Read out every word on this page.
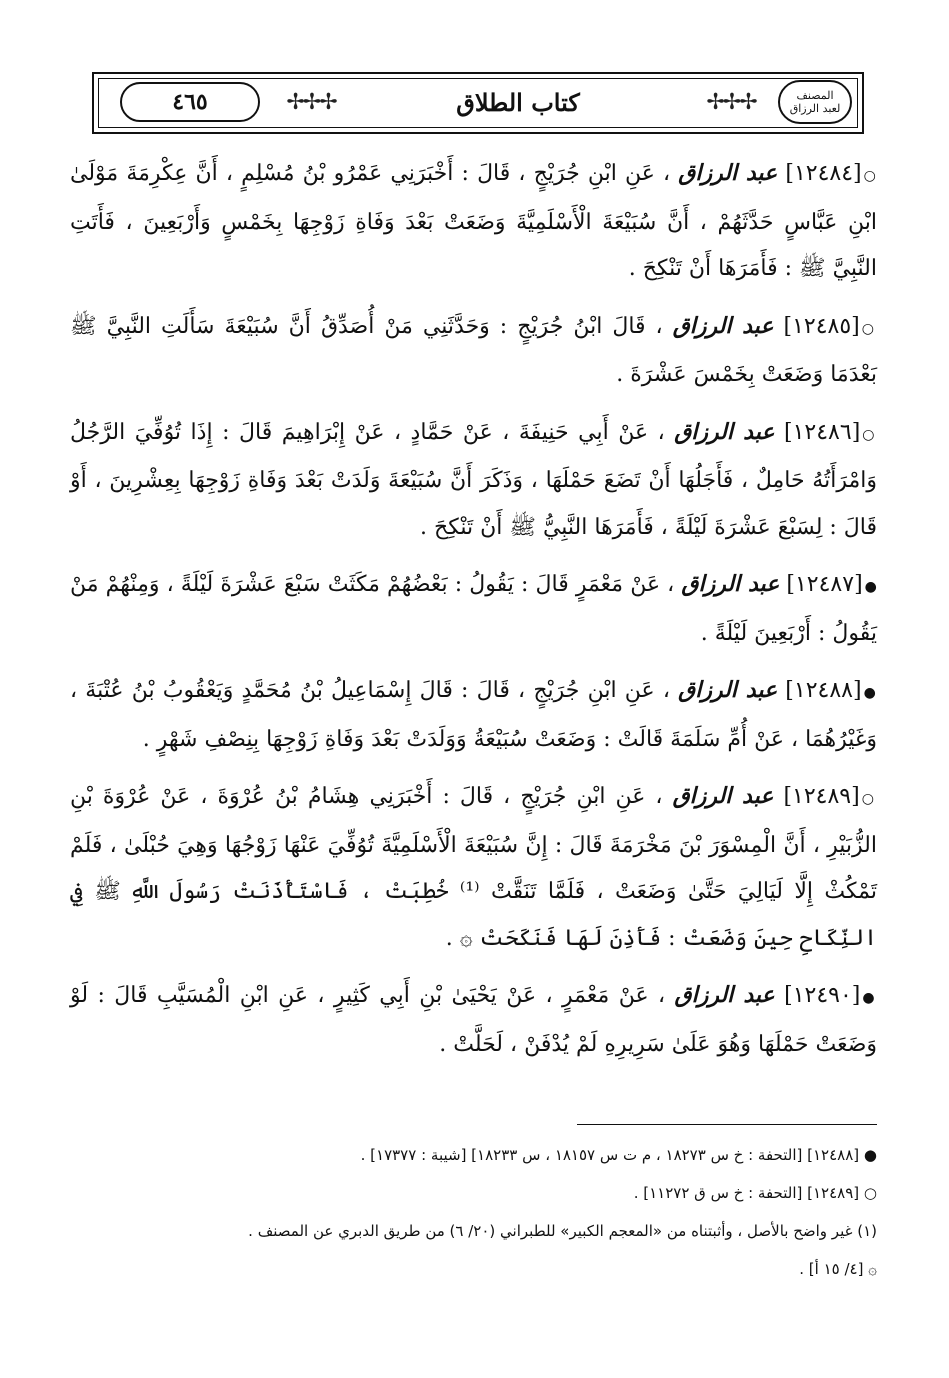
المصنف
لعبد الرزاق
✢✢✢
كتاب الطلاق
✢✢✢
٤٦٥

○[١٢٤٨٤] عبد الرزاق ، عَنِ ابْنِ جُرَيْجٍ ، قَالَ : أَخْبَرَنِي عَمْرُو بْنُ مُسْلِمٍ ، أَنَّ عِكْرِمَةَ مَوْلَىٰ ابْنِ عَبَّاسٍ حَدَّثَهُمْ ، أَنَّ سُبَيْعَةَ الْأَسْلَمِيَّةَ وَضَعَتْ بَعْدَ وَفَاةِ زَوْجِهَا بِخَمْسٍ وَأَرْبَعِينَ ، فَأَتَتِ النَّبِيَّ ﷺ : فَأَمَرَهَا أَنْ تَنْكِحَ .

○[١٢٤٨٥] عبد الرزاق ، قَالَ ابْنُ جُرَيْجٍ : وَحَدَّثَنِي مَنْ أُصَدِّقُ أَنَّ سُبَيْعَةَ سَأَلَتِ النَّبِيَّ ﷺ بَعْدَمَا وَضَعَتْ بِخَمْسَ عَشْرَةَ .

○[١٢٤٨٦] عبد الرزاق ، عَنْ أَبِي حَنِيفَةَ ، عَنْ حَمَّادٍ ، عَنْ إِبْرَاهِيمَ قَالَ : إِذَا تُوُفِّيَ الرَّجُلُ وَامْرَأَتُهُ حَامِلٌ ، فَأَجَلُهَا أَنْ تَضَعَ حَمْلَهَا ، وَذَكَرَ أَنَّ سُبَيْعَةَ وَلَدَتْ بَعْدَ وَفَاةِ زَوْجِهَا بِعِشْرِينَ ، أَوْ قَالَ : لِسَبْعَ عَشْرَةَ لَيْلَةً ، فَأَمَرَهَا النَّبِيُّ ﷺ أَنْ تَنْكِحَ .

●[١٢٤٨٧] عبد الرزاق ، عَنْ مَعْمَرٍ قَالَ : يَقُولُ : بَعْضُهُمْ مَكَثَتْ سَبْعَ عَشْرَةَ لَيْلَةً ، وَمِنْهُمْ مَنْ يَقُولُ : أَرْبَعِينَ لَيْلَةً .

●[١٢٤٨٨] عبد الرزاق ، عَنِ ابْنِ جُرَيْجٍ ، قَالَ : قَالَ إِسْمَاعِيلُ بْنُ مُحَمَّدٍ وَيَعْقُوبُ بْنُ عُتْبَةَ ، وَغَيْرُهُمَا ، عَنْ أُمِّ سَلَمَةَ قَالَتْ : وَضَعَتْ سُبَيْعَةُ وَوَلَدَتْ بَعْدَ وَفَاةِ زَوْجِهَا بِنِصْفِ شَهْرٍ .

○[١٢٤٨٩] عبد الرزاق ، عَنِ ابْنِ جُرَيْجٍ ، قَالَ : أَخْبَرَنِي هِشَامُ بْنُ عُرْوَةَ ، عَنْ عُرْوَةَ بْنِ الزُّبَيْرِ ، أَنَّ الْمِسْوَرَ بْنَ مَخْرَمَةَ قَالَ : إِنَّ سُبَيْعَةَ الْأَسْلَمِيَّةَ تُوُفِّيَ عَنْهَا زَوْجُهَا وَهِيَ حُبْلَىٰ ، فَلَمْ تَمْكُثْ إِلَّا لَيَالِيَ حَتَّىٰ وَضَعَتْ ، فَلَمَّا تَنَقَّتْ ⁽¹⁾ خُطِبَتْ ، فَاسْتَأْذَنَتْ رَسُولَ اللَّهِ ﷺ فِي النِّكَاحِ حِينَ وَضَعَتْ : فَأَذِنَ لَهَا فَنَكَحَتْ ۞ .

●[١٢٤٩٠] عبد الرزاق ، عَنْ مَعْمَرٍ ، عَنْ يَحْيَىٰ بْنِ أَبِي كَثِيرٍ ، عَنِ ابْنِ الْمُسَيَّبِ قَالَ : لَوْ وَضَعَتْ حَمْلَهَا وَهُوَ عَلَىٰ سَرِيرِهِ لَمْ يُدْفَنْ ، لَحَلَّتْ .

● [١٢٤٨٨] [التحفة : خ س ١٨٢٧٣ ، م ت س ١٨١٥٧ ، س ١٨٢٣٣] [شيبة : ١٧٣٧٧] .

○ [١٢٤٨٩] [التحفة : خ س ق ١١٢٧٢] .

(١) غير واضح بالأصل ، وأثبتناه من «المعجم الكبير» للطبراني (٢٠/ ٦) من طريق الدبري عن المصنف .

۞ [٤/ ١٥ أ] .
